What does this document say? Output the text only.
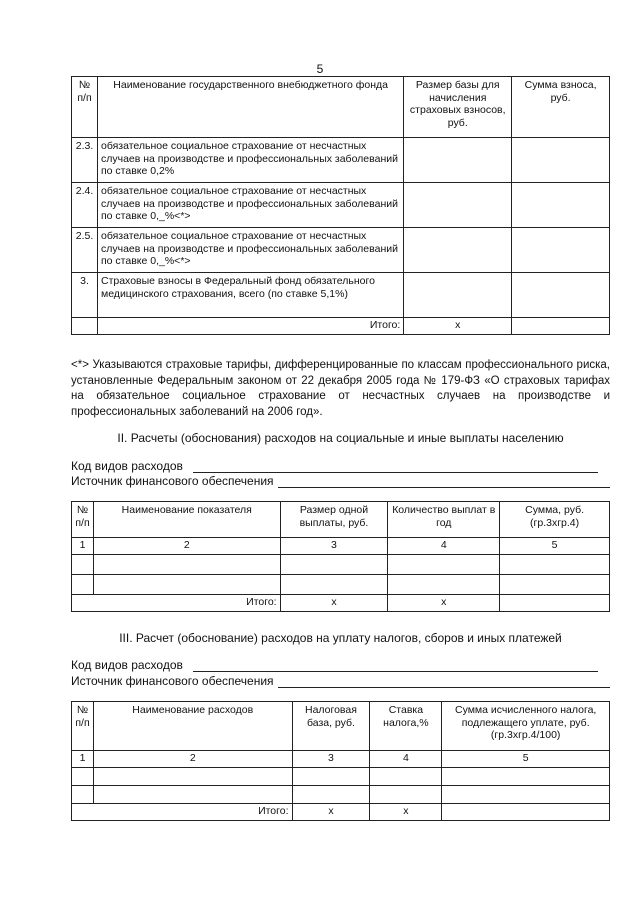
5
№ п/п	Наименование государственного внебюджетного фонда	Размер базы для начисления страховых взносов, руб.	Сумма взноса, руб.
2.3.	обязательное социальное страхование от несчастных случаев на производстве и профессиональных заболеваний по ставке 0,2%		
2.4.	обязательное социальное страхование от несчастных случаев на производстве и профессиональных заболеваний по ставке 0,_%<*>		
2.5.	обязательное социальное страхование от несчастных случаев на производстве и профессиональных заболеваний по ставке 0,_%<*>		
3.	Страховые взносы в Федеральный фонд обязательного медицинского страхования, всего (по ставке 5,1%)		
	Итого:	x	
<*> Указываются страховые тарифы, дифференцированные по классам профессионального риска, установленные Федеральным законом от 22 декабря 2005 года № 179-ФЗ «О страховых тарифах на обязательное социальное страхование от несчастных случаев на производстве и профессиональных заболеваний на 2006 год».
II. Расчеты (обоснования) расходов на социальные и иные выплаты населению
Код видов расходов
Источник финансового обеспечения
№ п/п	Наименование показателя	Размер одной выплаты, руб.	Количество выплат в год	Сумма, руб. (гр.3хгр.4)
1	2	3	4	5

Итого:		x	x	
III. Расчет (обоснование) расходов на уплату налогов, сборов и иных платежей
Код видов расходов
Источник финансового обеспечения
№ п/п	Наименование расходов	Налоговая база, руб.	Ставка налога,%	Сумма исчисленного налога, подлежащего уплате, руб. (гр.3хгр.4/100)
1	2	3	4	5

Итого:		x	x	
